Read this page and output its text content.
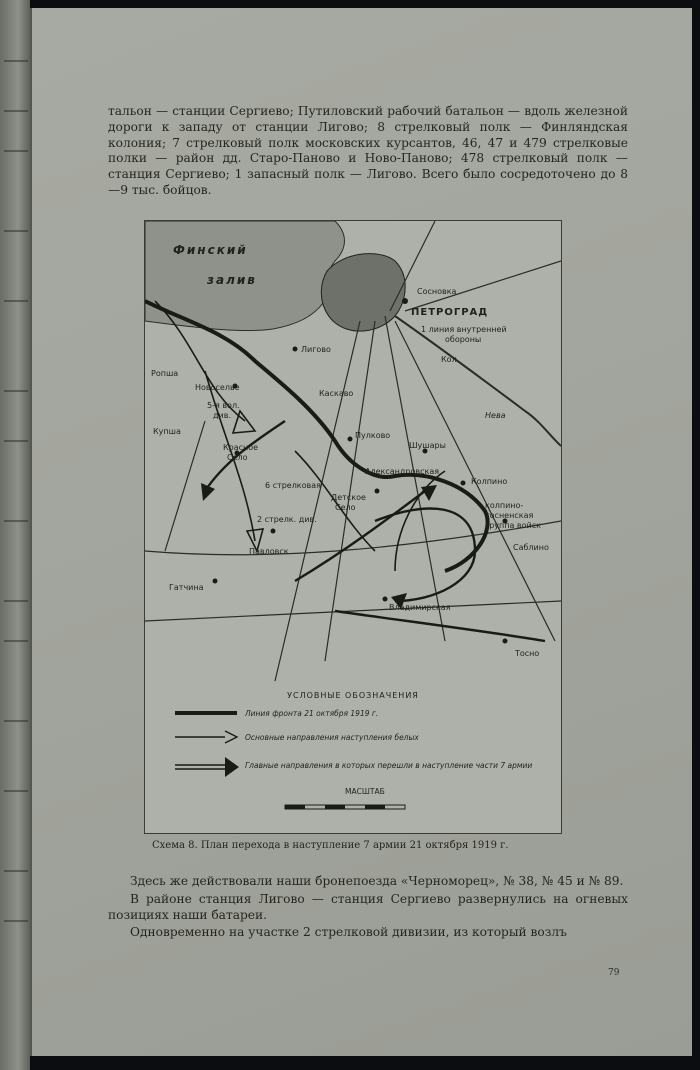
тальон — станции Сергиево; Путиловский рабочий батальон — вдоль железной дороги к западу от станции Лигово; 8 стрелковый полк — Финляндская колония; 7 стрелковый полк московских курсантов, 46, 47 и 479 стрелковые полки — район дд. Старо-Паново и Ново-Паново; 478 стрелковый полк — станция Сергиево; 1 запасный полк — Лигово. Всего было сосредоточено до 8—9 тыс. бойцов.

Финский
залив
ПЕТРОГРАД
Сосновка
1 линия внутренней
обороны
Лигово
Ропша
Новоселье
5-я вол.
див.
Купша
Красное
Село
Каскаво
Пулково
Шушары
Александровская
Колпино
колпино-
тосненская
группа войск
Саблино
6 стрелковая
Детское
Село
2 стрелк. див.
Павловск
Гатчина
Владимирская
Тосно
Нева
Кол
УСЛОВНЫЕ ОБОЗНАЧЕНИЯ
Линия фронта 21 октября 1919 г.
Основные направления наступления белых
Главные направления в которых перешли в наступление части 7 армии
МАСШТАБ
Схема 8. План перехода в наступление 7 армии 21 октября 1919 г.

Здесь же действовали наши бронепоезда «Черноморец», № 38, № 45 и № 89.

В районе станция Лигово — станция Сергиево развернулись на огневых позициях наши батареи.

Одновременно на участке 2 стрелковой дивизии, из который возлъ

79
